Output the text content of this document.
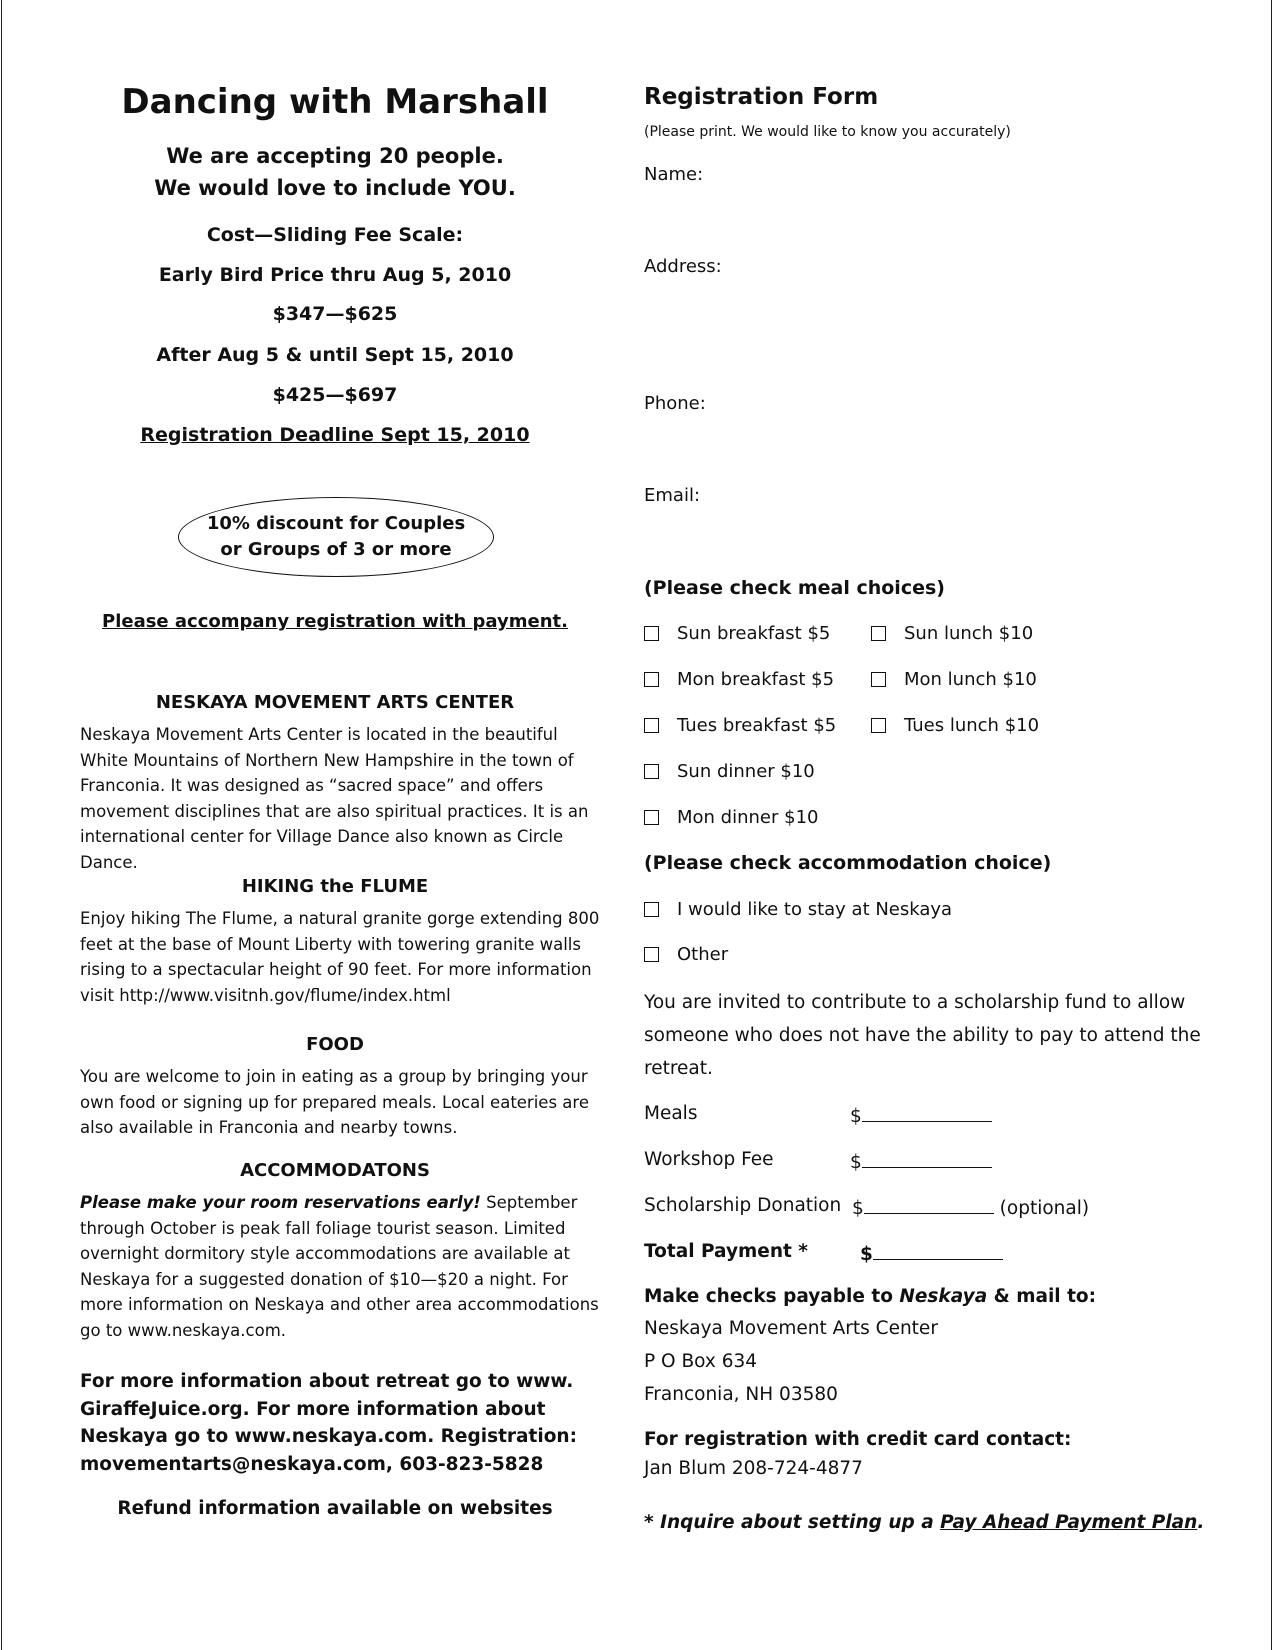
Dancing with Marshall
We are accepting 20 people.
We would love to include YOU.
Cost—Sliding Fee Scale:
Early Bird Price thru Aug 5, 2010
$347—$625
After Aug 5 & until Sept 15, 2010
$425—$697
Registration Deadline Sept 15, 2010
10% discount for Couples
or Groups of 3 or more
Please accompany registration with payment.
NESKAYA MOVEMENT ARTS CENTER
Neskaya Movement Arts Center is located in the beautiful White Mountains of Northern New Hampshire in the town of Franconia. It was designed as “sacred space” and offers movement disciplines that are also spiritual practices. It is an international center for Village Dance also known as Circle Dance.
HIKING the FLUME
Enjoy hiking The Flume, a natural granite gorge extending 800 feet at the base of Mount Liberty with towering granite walls rising to a spectacular height of 90 feet. For more information visit http://www.visitnh.gov/flume/index.html
FOOD
You are welcome to join in eating as a group by bringing your own food or signing up for prepared meals. Local eateries are also available in Franconia and nearby towns.
ACCOMMODATONS
Please make your room reservations early! September through October is peak fall foliage tourist season. Limited overnight dormitory style accommodations are available at Neskaya for a suggested donation of $10—$20 a night. For more information on Neskaya and other area accommodations go to www.neskaya.com.
For more information about retreat go to www. GiraffeJuice.org. For more information about Neskaya go to www.neskaya.com. Registration: movementarts@neskaya.com, 603-823-5828
Refund information available on websites
Registration Form
(Please print. We would like to know you accurately)
Name:
Address:
Phone:
Email:
(Please check meal choices)
Sun breakfast $5	Sun lunch $10
Mon breakfast $5	Mon lunch $10
Tues breakfast $5	Tues lunch $10
Sun dinner $10
Mon dinner $10
(Please check accommodation choice)
I would like to stay at Neskaya
Other
You are invited to contribute to a scholarship fund to allow someone who does not have the ability to pay to attend the retreat.
Meals	$
Workshop Fee	$
Scholarship Donation $	(optional)
Total Payment *	$
Make checks payable to Neskaya & mail to:
Neskaya Movement Arts Center
P O Box 634
Franconia, NH 03580
For registration with credit card contact:
Jan Blum 208-724-4877
* Inquire about setting up a Pay Ahead Payment Plan.
